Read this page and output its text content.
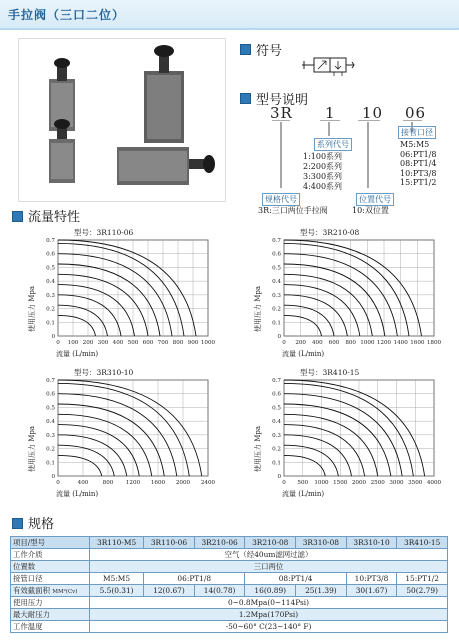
手拉阀（三口二位）
符号
型号说明
3R 1 10 06
系列代号
1:100系列
2:200系列
3:300系列
4:400系列
接管口径
M5:M5
06:PT1/8
08:PT1/4
10:PT3/8
15:PT1/2
规格代号
3R:三口两位手拉阀
位置代号
10:双位置
流量特性
型号：3R110-06
0 100 200 300 400 500 600 700 800 900 1000
0
0.1
0.2
0.3
0.4
0.5
0.6
0.7
使用压力 Mpa
流量 (L/min)
型号：3R210-08
0 200 400 600 800 1000 1200 1400 1600 1800
0
0.1
0.2
0.3
0.4
0.5
0.6
0.7
使用压力 Mpa
流量 (L/min)
型号：3R310-10
0	400	800 1200 1600 2000 2400
0
0.1
0.2
0.3
0.4
0.5
0.6
0.7
使用压力 Mpa
流量 (L/min)
型号：3R410-15
0 500 1000 1500 2000 2500 3000 3500 4000
0
0.1
0.2
0.3
0.4
0.5
0.6
0.7
使用压力 Mpa
流量 (L/min)
规格
项目/型号	3R110-M5	3R110-06	3R210-06	3R210-08	3R310-08	3R310-10	3R410-15
工作介质	空气（经40um滤网过滤）						
位置数	三口两位						
接管口径	M5:M5	06:PT1/8		08:PT1/4		10:PT3/8	15:PT1/2
有效截面积 MM²(Cv)	5.5(0.31)	12(0.67)	14(0.78)	16(0.89)	25(1.39)	30(1.67)	50(2.79)
使用压力	0~0.8Mpa(0~114Psi)						
最大耐压力	1.2Mpa(170Psi)						
工作温度	-50~60° C(23~140° F)						
